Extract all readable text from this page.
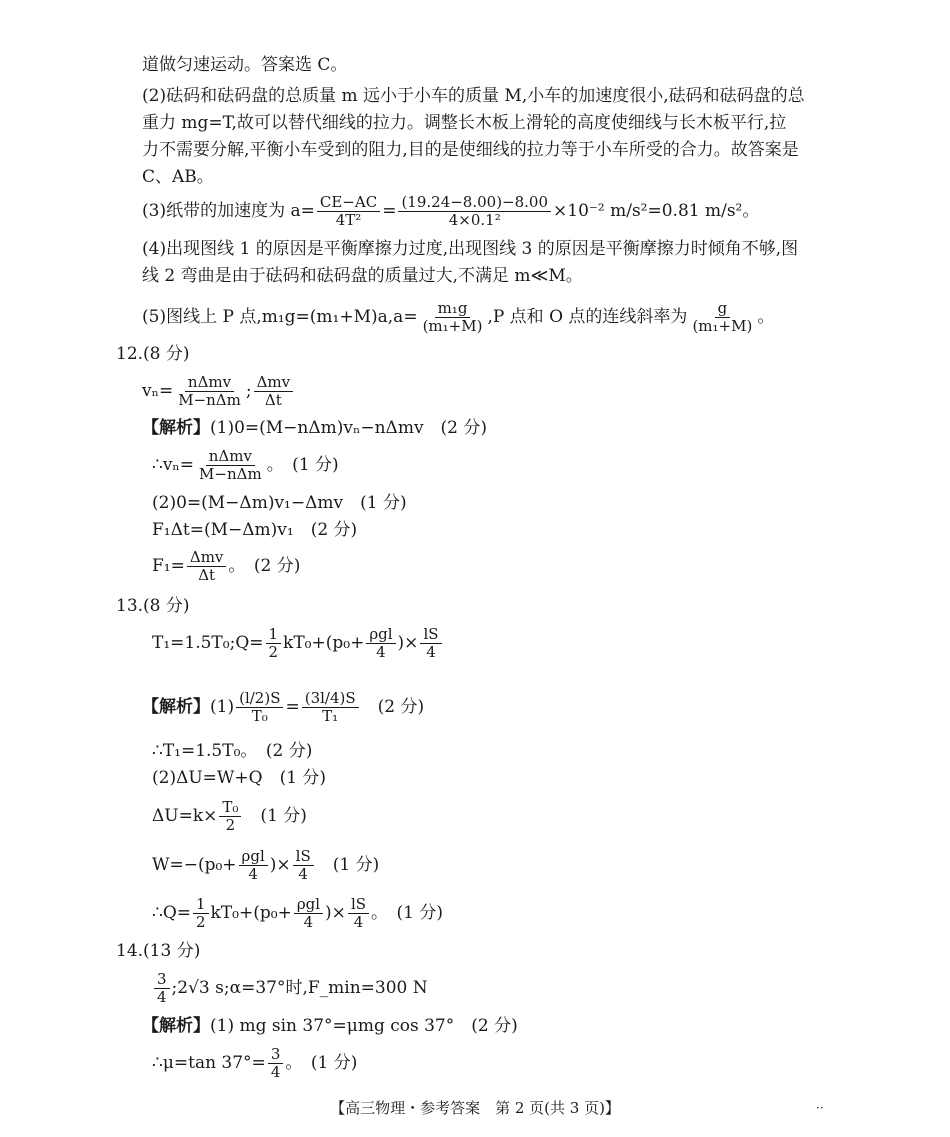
道做匀速运动。答案选 C。
(2)砝码和砝码盘的总质量 m 远小于小车的质量 M,小车的加速度很小,砝码和砝码盘的总
重力 mg=T,故可以替代细线的拉力。调整长木板上滑轮的高度使细线与长木板平行,拉
力不需要分解,平衡小车受到的阻力,目的是使细线的拉力等于小车所受的合力。故答案是
C、AB。
(3)纸带的加速度为 $a= \frac{CE-AC}{\text{4T²}} = \frac{(19.24-8.00)-8.00}{\text{4×0.1²}} \times 10^{-2}$ m/s²=0.81 m/s²。
(4)出现图线 1 的原因是平衡摩擦力过度,出现图线 3 的原因是平衡摩擦力时倾角不够,图
线 2 弯曲是由于砝码和砝码盘的质量过大,不满足 m≪M。
(5)图线上 P 点$,m_1g=(m_1+M)a,a= \frac{\text{m₁g}}{\text{(m₁+M)}} ,P$ 点和 O 点的连线斜率为 $\frac{g}{\text{(m₁+M)}}$ 。
12.(8 分)
$v_n= \frac{\text{nΔmv}}{\text{M−nΔm}}$ ; $\frac{\text{Δmv}}{\Delta t}$
【解析】(1)0=(M−nΔm)vₙ−nΔmv　(2 分)
∴vₙ= $\frac{\text{nΔmv}}{\text{M−nΔm}}$ 。　(1 分)
(2)0=(M−Δm)v₁−Δmv　(1 分)
F₁Δt=(M−Δm)v₁　(2 分)
$F_1= \frac{\text{Δmv}}{\Delta t}$ 。　(2 分)
13.(8 分)
T₁=1.5T₀;Q= $\frac{1}{2} kT_0+(p_0+ \frac{\text{ρgl}}{4}$ )× $\frac{lS}{4}$
【解析】$(1) \frac{(l/2)S}{\text{T₀}} = \frac{(3l/4)S}{\text{T₁}}$ 　(2 分)
∴T₁=1.5T₀。　(2 分)
(2)ΔU=W+Q　(1 分)
$\Delta U=k\times \frac{\text{T₀}}{2}$ 　(1 分)
$W=-(p_0+ \frac{\text{ρgl}}{4}$ )× $\frac{lS}{4}$ 　(1 分)
∴Q= $\frac{1}{2} kT_0+(p_0+ \frac{\text{ρgl}}{4}$ )× $\frac{lS}{4}$ 。　(1 分)
14.(13 分)
$\frac{3}{4}$ ;2√3 s;α=37°时,F_min=300 N
【解析】(1) mg sin 37°=μmg cos 37°　(2 分)
∴μ=tan $37^\circ= \frac{3}{4}$ 。　(1 分)
【高三物理・参考答案　第 2 页(共 3 页)】	··
